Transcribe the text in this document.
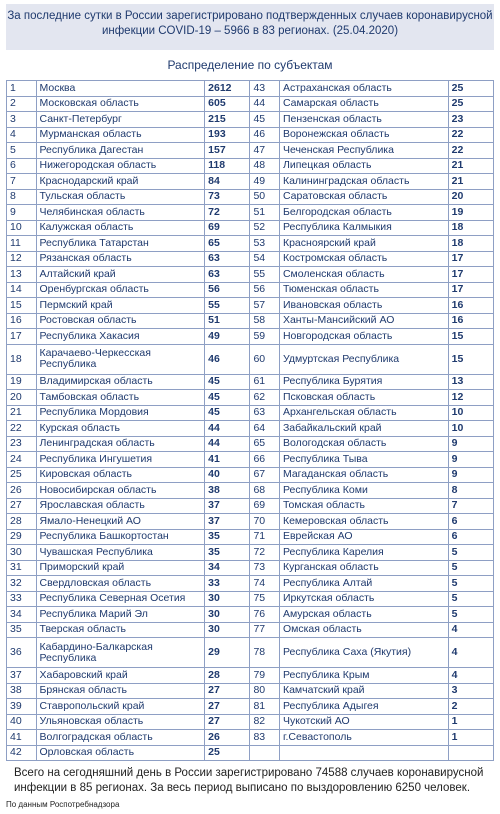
За последние сутки в России зарегистрировано подтвержденных случаев коронавирусной
инфекции COVID-19 – 5966 в 83 регионах. (25.04.2020)
Распределение по субъектам
1	Москва	2612	43	Астраханская область	25
2	Московская область	605	44	Самарская область	25
3	Санкт-Петербург	215	45	Пензенская область	23
4	Мурманская область	193	46	Воронежская область	22
5	Республика Дагестан	157	47	Чеченская Республика	22
6	Нижегородская область	118	48	Липецкая область	21
7	Краснодарский край	84	49	Калининградская область	21
8	Тульская область	73	50	Саратовская область	20
9	Челябинская область	72	51	Белгородская область	19
10	Калужская область	69	52	Республика Калмыкия	18
11	Республика Татарстан	65	53	Красноярский край	18
12	Рязанская область	63	54	Костромская область	17
13	Алтайский край	63	55	Смоленская область	17
14	Оренбургская область	56	56	Тюменская область	17
15	Пермский край	55	57	Ивановская область	16
16	Ростовская область	51	58	Ханты-Мансийский АО	16
17	Республика Хакасия	49	59	Новгородская область	15
18	Карачаево-Черкесская Республика	46	60	Удмуртская Республика	15
19	Владимирская область	45	61	Республика Бурятия	13
20	Тамбовская область	45	62	Псковская область	12
21	Республика Мордовия	45	63	Архангельская область	10
22	Курская область	44	64	Забайкальский край	10
23	Ленинградская область	44	65	Вологодская область	9
24	Республика Ингушетия	41	66	Республика Тыва	9
25	Кировская область	40	67	Магаданская область	9
26	Новосибирская область	38	68	Республика Коми	8
27	Ярославская область	37	69	Томская область	7
28	Ямало-Ненецкий АО	37	70	Кемеровская область	6
29	Республика Башкортостан	35	71	Еврейская АО	6
30	Чувашская Республика	35	72	Республика Карелия	5
31	Приморский край	34	73	Курганская область	5
32	Свердловская область	33	74	Республика Алтай	5
33	Республика Северная Осетия	30	75	Иркутская область	5
34	Республика Марий Эл	30	76	Амурская область	5
35	Тверская область	30	77	Омская область	4
36	Кабардино-Балкарская Республика	29	78	Республика Саха (Якутия)	4
37	Хабаровский край	28	79	Республика Крым	4
38	Брянская область	27	80	Камчатский край	3
39	Ставропольский край	27	81	Республика Адыгея	2
40	Ульяновская область	27	82	Чукотский АО	1
41	Волгоградская область	26	83	г.Севастополь	1
42	Орловская область	25			
Всего на сегодняшний день в России зарегистрировано 74588 случаев коронавирусной
инфекции в 85 регионах. За весь период выписано по выздоровлению 6250 человек.
По данным Роспотребнадзора
